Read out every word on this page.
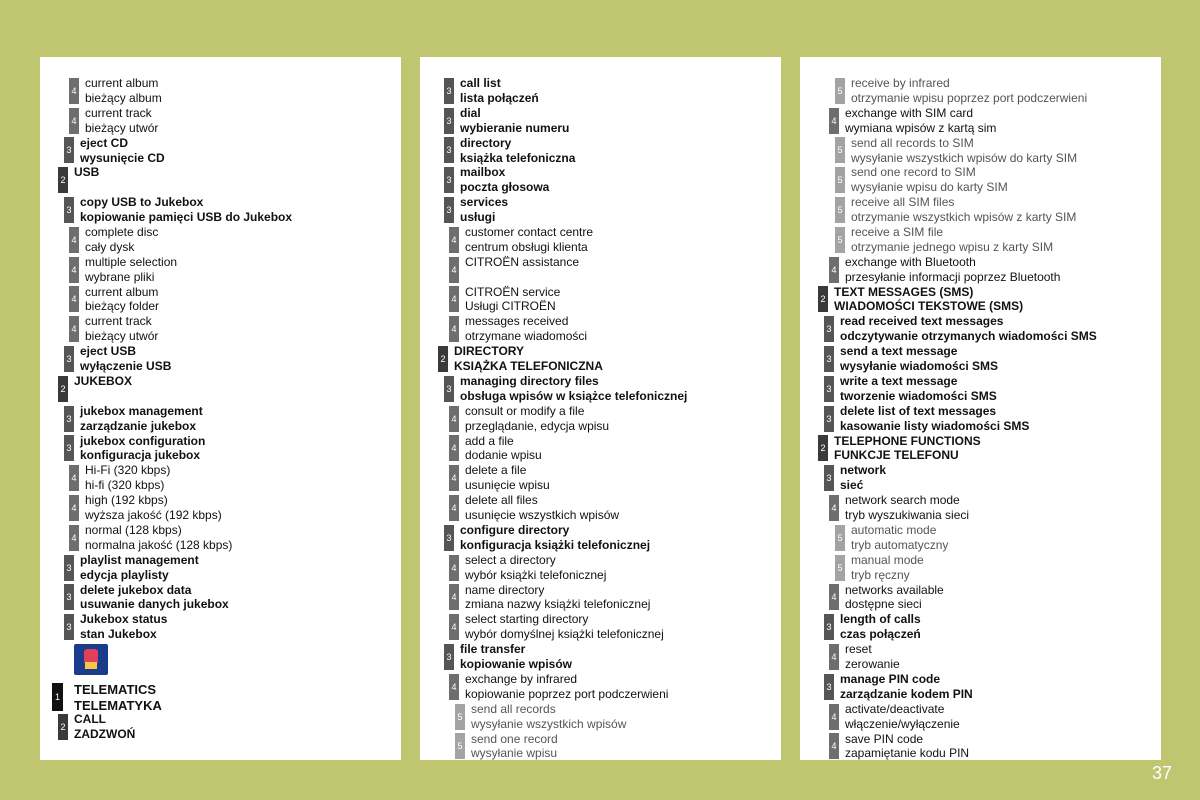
4
current album
bieżący album
4
current track
bieżący utwór
3
eject CD
wysunięcie CD
2
USB

3
copy USB to Jukebox
kopiowanie pamięci USB do Jukebox
4
complete disc
cały dysk
4
multiple selection
wybrane pliki
4
current album
bieżący folder
4
current track
bieżący utwór
3
eject USB
wyłączenie USB
2
JUKEBOX

3
jukebox management
zarządzanie jukebox
3
jukebox configuration
konfiguracja jukebox
4
Hi-Fi (320 kbps)
hi-fi (320 kbps)
4
high (192 kbps)
wyższa jakość (192 kbps)
4
normal (128 kbps)
normalna jakość (128 kbps)
3
playlist management
edycja playlisty
3
delete jukebox data
usuwanie danych jukebox
3
Jukebox status
stan Jukebox
1 TELEMATICS
TELEMATYKA
2
CALL
ZADZWOŃ
3
call list
lista połączeń
3
dial
wybieranie numeru
3
directory
książka telefoniczna
3
mailbox
poczta głosowa
3
services
usługi
4
customer contact centre
centrum obsługi klienta
4
CITROËN assistance

4
CITROËN service
Usługi CITROËN
4
messages received
otrzymane wiadomości
2
DIRECTORY
KSIĄŻKA TELEFONICZNA
3
managing directory files
obsługa wpisów w książce telefonicznej
4
consult or modify a file
przeglądanie, edycja wpisu
4
add a file
dodanie wpisu
4
delete a file
usunięcie wpisu
4
delete all files
usunięcie wszystkich wpisów
3
configure directory
konfiguracja książki telefonicznej
4
select a directory
wybór książki telefonicznej
4
name directory
zmiana nazwy książki telefonicznej
4
select starting directory
wybór domyślnej książki telefonicznej
3
file transfer
kopiowanie wpisów
4
exchange by infrared
kopiowanie poprzez port podczerwieni
5
send all records
wysyłanie wszystkich wpisów
5
send one record
wysyłanie wpisu
5
receive by infrared
otrzymanie wpisu poprzez port podczerwieni
4
exchange with SIM card
wymiana wpisów z kartą sim
5
send all records to SIM
wysyłanie wszystkich wpisów do karty SIM
5
send one record to SIM
wysyłanie wpisu do karty SIM
5
receive all SIM files
otrzymanie wszystkich wpisów z karty SIM
5
receive a SIM file
otrzymanie jednego wpisu z karty SIM
4
exchange with Bluetooth
przesyłanie informacji poprzez Bluetooth
2
TEXT MESSAGES (SMS)
WIADOMOŚCI TEKSTOWE (SMS)
3
read received text messages
odczytywanie otrzymanych wiadomości SMS
3
send a text message
wysyłanie wiadomości SMS
3
write a text message
tworzenie wiadomości SMS
3
delete list of text messages
kasowanie listy wiadomości SMS
2
TELEPHONE FUNCTIONS
FUNKCJE TELEFONU
3
network
sieć
4
network search mode
tryb wyszukiwania sieci
5
automatic mode
tryb automatyczny
5
manual mode
tryb ręczny
4
networks available
dostępne sieci
3
length of calls
czas połączeń
4
reset
zerowanie
3
manage PIN code
zarządzanie kodem PIN
4
activate/deactivate
włączenie/wyłączenie
4
save PIN code
zapamiętanie kodu PIN
37
